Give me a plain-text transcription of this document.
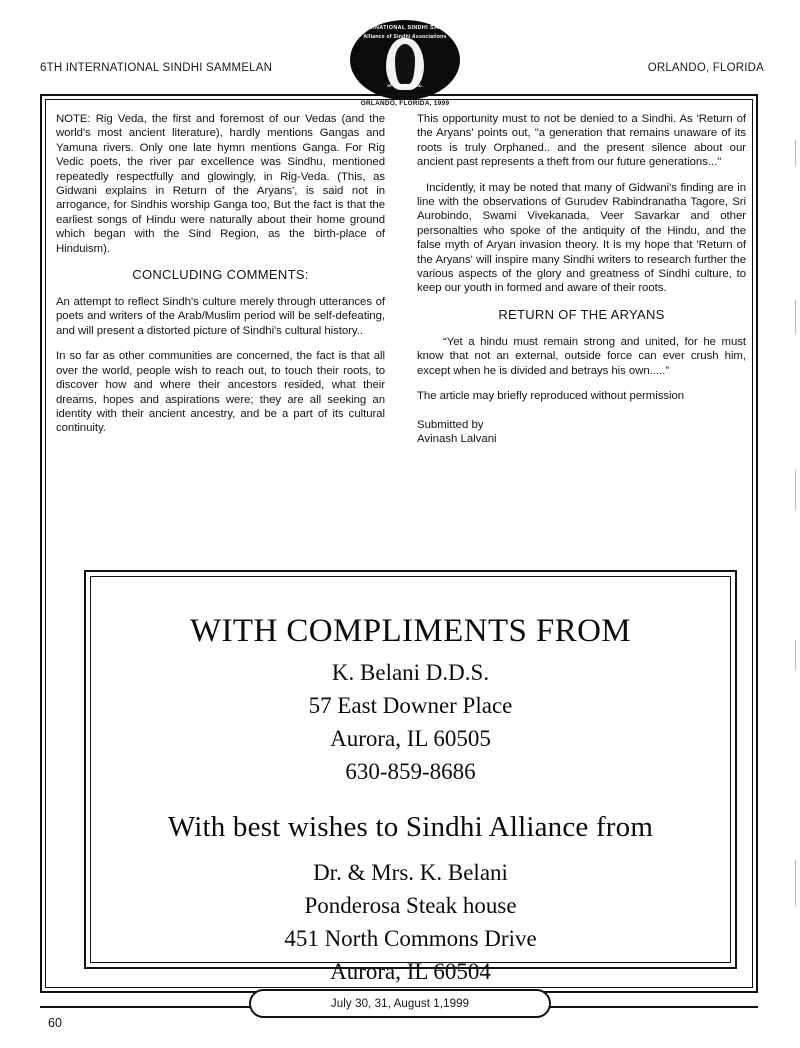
6TH INTERNATIONAL SINDHI SAMMELAN	ORLANDO, FLORIDA
6th INTERNATIONAL SINDHI SAMMELAN
Alliance of Sindhi Associations
of America, Inc.
ORLANDO, FLORIDA, 1999

NOTE: Rig Veda, the first and foremost of our Vedas (and the world's most ancient literature), hardly mentions Gangas and Yamuna rivers. Only one late hymn mentions Ganga. For Rig Vedic poets, the river par excellence was Sindhu, mentioned repeatedly respectfully and glowingly, in Rig-Veda. (This, as Gidwani explains in Return of the Aryans', is said not in arrogance, for Sindhis worship Ganga too, But the fact is that the earliest songs of Hindu were naturally about their home ground which began with the Sind Region, as the birth-place of Hinduism).

CONCLUDING COMMENTS:

An attempt to reflect Sindh's culture merely through utterances of poets and writers of the Arab/Muslim period will be self-defeating, and will present a distorted picture of Sindhi's cultural history..

In so far as other communities are concerned, the fact is that all over the world, people wish to reach out, to touch their roots, to discover how and where their ancestors resided, what their dreams, hopes and aspirations were; they are all seeking an identity with their ancient ancestry, and be a part of its cultural continuity.

This opportunity must to not be denied to a Sindhi. As 'Return of the Aryans' points out, "a generation that remains unaware of its roots is truly Orphaned.. and the present silence about our ancient past represents a theft from our future generations..."

Incidently, it may be noted that many of Gidwani's finding are in line with the observations of Gurudev Rabindranatha Tagore, Sri Aurobindo, Swami Vivekanada, Veer Savarkar and other personalties who spoke of the antiquity of the Hindu, and the false myth of Aryan invasion theory. It is my hope that 'Return of the Aryans' will inspire many Sindhi writers to research further the various aspects of the glory and greatness of Sindhi culture, to keep our youth in formed and aware of their roots.

RETURN OF THE ARYANS

“Yet a hindu must remain strong and united, for he must know that not an external, outside force can ever crush him, except when he is divided and betrays his own.....”

The article may briefly reproduced without permission

Submitted by
Avinash Lalvani
WITH COMPLIMENTS FROM
K. Belani D.D.S.
57 East Downer Place
Aurora, IL 60505
630-859-8686
With best wishes to Sindhi Alliance from
Dr. & Mrs. K. Belani
Ponderosa Steak house
451 North Commons Drive
Aurora, IL 60504
July 30, 31, August 1,1999
60
